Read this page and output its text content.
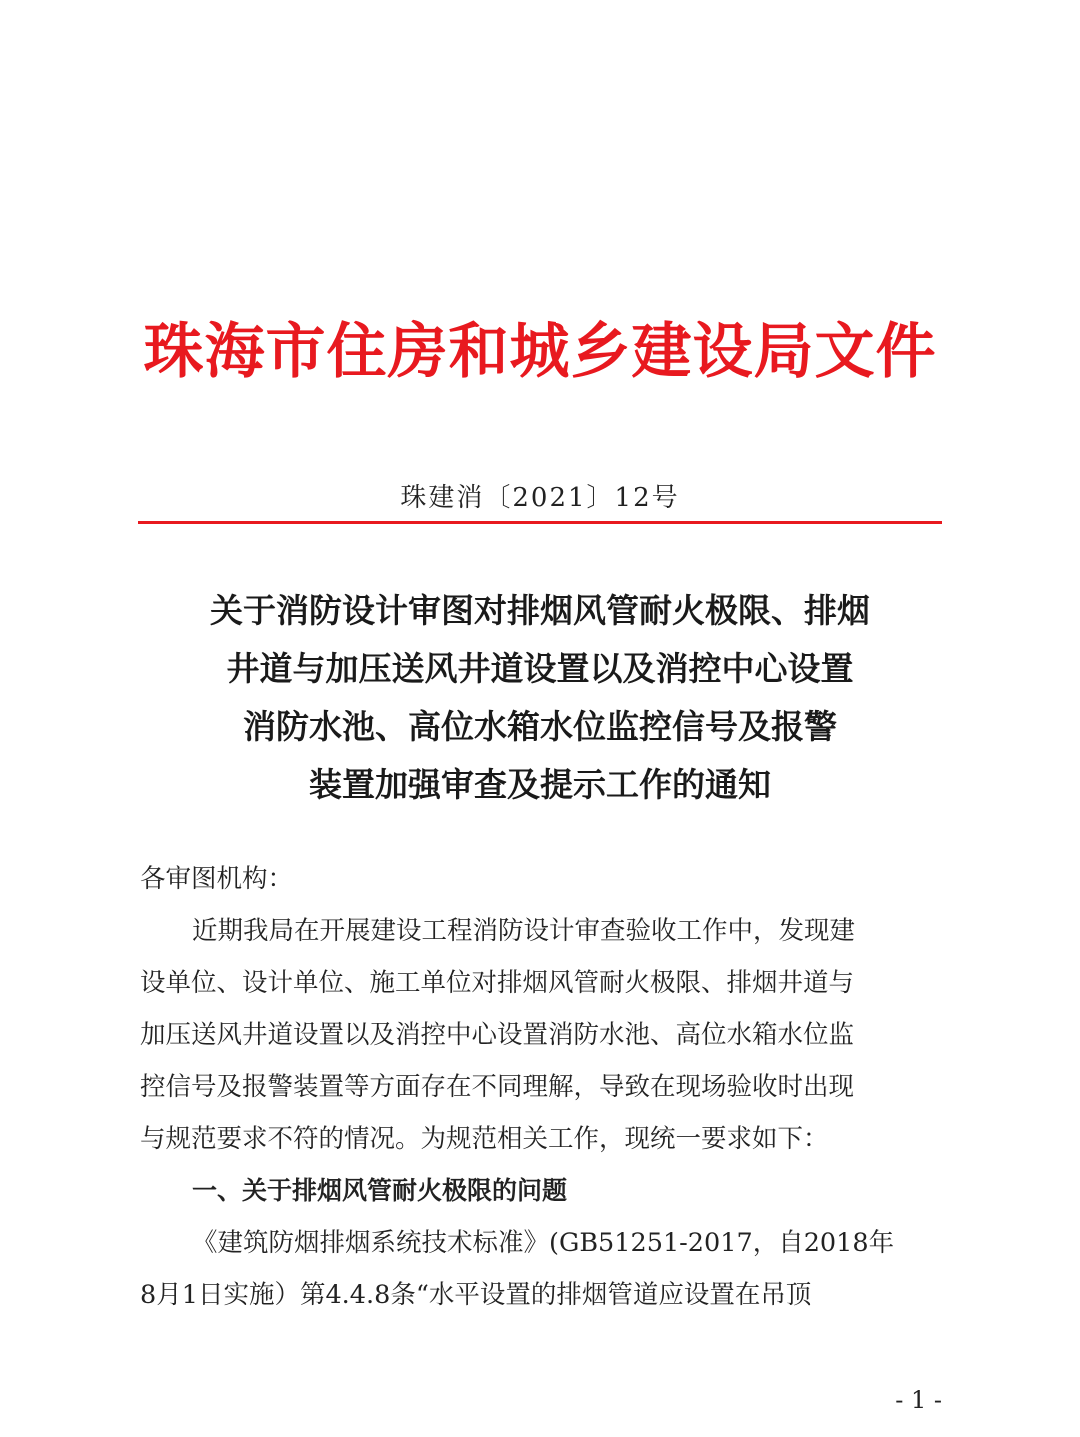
珠海市住房和城乡建设局文件
珠建消〔2021〕12号
关于消防设计审图对排烟风管耐火极限、排烟
井道与加压送风井道设置以及消控中心设置
消防水池、高位水箱水位监控信号及报警
装置加强审查及提示工作的通知
各审图机构：
近期我局在开展建设工程消防设计审查验收工作中，发现建
设单位、设计单位、施工单位对排烟风管耐火极限、排烟井道与
加压送风井道设置以及消控中心设置消防水池、高位水箱水位监
控信号及报警装置等方面存在不同理解，导致在现场验收时出现
与规范要求不符的情况。为规范相关工作，现统一要求如下：
一、关于排烟风管耐火极限的问题
《建筑防烟排烟系统技术标准》(GB51251-2017，自2018年
8月1日实施）第4.4.8条“水平设置的排烟管道应设置在吊顶
- 1 -
